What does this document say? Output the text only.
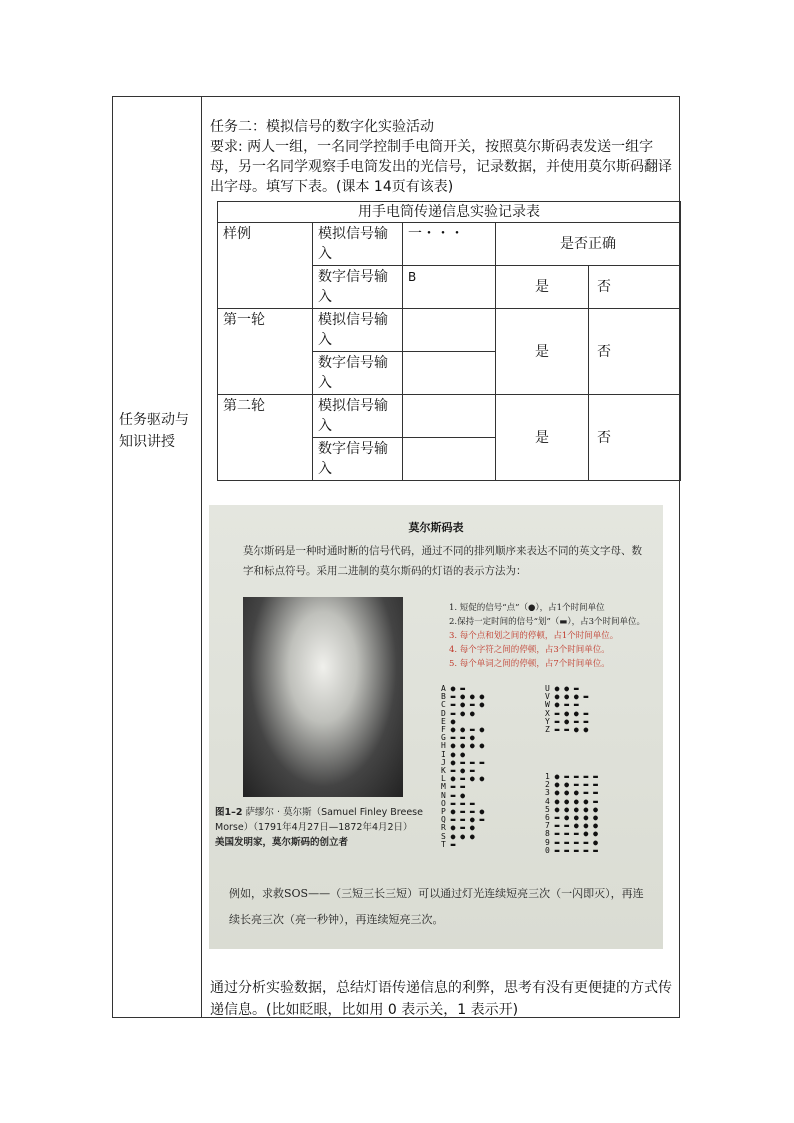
任务驱动与知识讲授

任务二：模拟信号的数字化实验活动

要求: 两人一组，一名同学控制手电筒开关，按照莫尔斯码表发送一组字母，另一名同学观察手电筒发出的光信号，记录数据，并使用莫尔斯码翻译出字母。填写下表。(课本 14页有该表)

用手电筒传递信息实验记录表				
样例	模拟信号输入	一・・・	是否正确	
	数字信号输入	B	是	否

第一轮	模拟信号输入		是	否
	数字信号输入			
第二轮	模拟信号输入		是	否
	数字信号输入			
莫尔斯码表
莫尔斯码是一种时通时断的信号代码，通过不同的排列顺序来表达不同的英文字母、数字和标点符号。采用二进制的莫尔斯码的灯语的表示方法为：
图1–2 萨缪尔 · 莫尔斯（Samuel Finley Breese Morse）（1791年4月27日—1872年4月2日）
美国发明家，莫尔斯码的创立者
1. 短促的信号“点”（●），占1个时间单位
2.保持一定时间的信号“划”（▬），占3个时间单位。
3. 每个点和划之间的停顿，占1个时间单位。
4. 每个字符之间的停顿，占3个时间单位。
5. 每个单词之间的停顿，占7个时间单位。
A ● ▬
B ▬ ● ● ●
C ▬ ● ▬ ●
D ▬ ● ●
E ●
F ● ● ▬ ●
G ▬ ▬ ●
H ● ● ● ●
I ● ●
J ● ▬ ▬ ▬
K ▬ ● ▬
L ● ▬ ● ●
M ▬ ▬
N ▬ ●
O ▬ ▬ ▬
P ● ▬ ▬ ●
Q ▬ ▬ ● ▬
R ● ▬ ●
S ● ● ●
T ▬
U ● ● ▬
V ● ● ● ▬
W ● ▬ ▬
X ▬ ● ● ▬
Y ▬ ● ▬ ▬
Z ▬ ▬ ● ●
1 ● ▬ ▬ ▬ ▬
2 ● ● ▬ ▬ ▬
3 ● ● ● ▬ ▬
4 ● ● ● ● ▬
5 ● ● ● ● ●
6 ▬ ● ● ● ●
7 ▬ ▬ ● ● ●
8 ▬ ▬ ▬ ● ●
9 ▬ ▬ ▬ ▬ ●
0 ▬ ▬ ▬ ▬ ▬
例如，求救SOS——（三短三长三短）可以通过灯光连续短亮三次（一闪即灭），再连续长亮三次（亮一秒钟），再连续短亮三次。
通过分析实验数据，总结灯语传递信息的利弊，思考有没有更便捷的方式传递信息。(比如眨眼，比如用 0 表示关，1 表示开)
